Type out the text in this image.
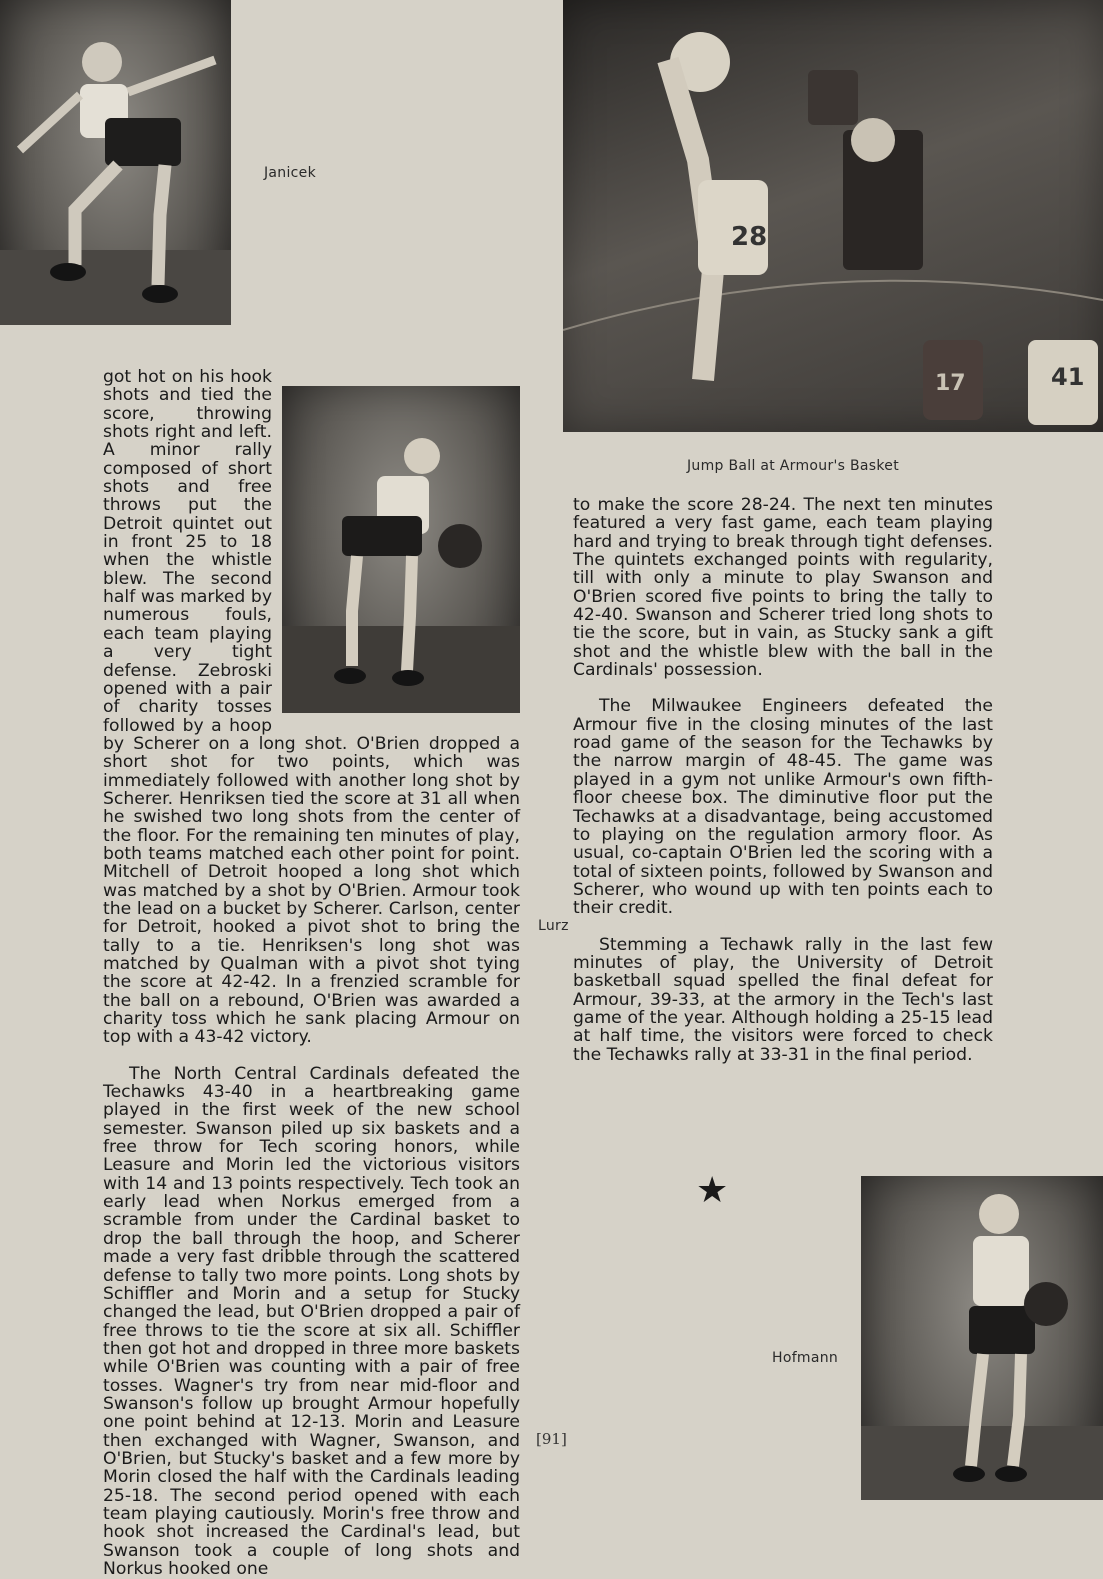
Janicek
28
17	41
Jump Ball at Armour's Basket

got hot on his hook shots and tied the score, throwing shots right and left. A minor rally composed of short shots and free throws put the Detroit quintet out in front 25 to 18 when the whistle blew. The second half was marked by numerous fouls, each team playing a very tight defense. Zebroski opened with a pair of charity tosses followed by a hoop by Scherer on a long shot. O'Brien dropped a short shot for two points, which was immediately followed with another long shot by Scherer. Henriksen tied the score at 31 all when he swished two long shots from the center of the floor. For the remaining ten minutes of play, both teams matched each other point for point. Mitchell of Detroit hooped a long shot which was matched by a shot by O'Brien. Armour took the lead on a bucket by Scherer. Carlson, center for Detroit, hooked a pivot shot to bring the tally to a tie. Henriksen's long shot was matched by Qualman with a pivot shot tying the score at 42-42. In a frenzied scramble for the ball on a rebound, O'Brien was awarded a charity toss which he sank placing Armour on top with a 43-42 victory.

The North Central Cardinals defeated the Techawks 43-40 in a heartbreaking game played in the first week of the new school semester. Swanson piled up six baskets and a free throw for Tech scoring honors, while Leasure and Morin led the victorious visitors with 14 and 13 points respectively. Tech took an early lead when Norkus emerged from a scramble from under the Cardinal basket to drop the ball through the hoop, and Scherer made a very fast dribble through the scattered defense to tally two more points. Long shots by Schiffler and Morin and a setup for Stucky changed the lead, but O'Brien dropped a pair of free throws to tie the score at six all. Schiffler then got hot and dropped in three more baskets while O'Brien was counting with a pair of free tosses. Wagner's try from near mid-floor and Swanson's follow up brought Armour hopefully one point behind at 12-13. Morin and Leasure then exchanged with Wagner, Swanson, and O'Brien, but Stucky's basket and a few more by Morin closed the half with the Cardinals leading 25-18. The second period opened with each team playing cautiously. Morin's free throw and hook shot increased the Cardinal's lead, but Swanson took a couple of long shots and Norkus hooked one

Lurz

to make the score 28-24. The next ten minutes featured a very fast game, each team playing hard and trying to break through tight defenses. The quintets exchanged points with regularity, till with only a minute to play Swanson and O'Brien scored five points to bring the tally to 42-40. Swanson and Scherer tried long shots to tie the score, but in vain, as Stucky sank a gift shot and the whistle blew with the ball in the Cardinals' possession.

The Milwaukee Engineers defeated the Armour five in the closing minutes of the last road game of the season for the Techawks by the narrow margin of 48-45. The game was played in a gym not unlike Armour's own fifth-floor cheese box. The diminutive floor put the Techawks at a disadvantage, being accustomed to playing on the regulation armory floor. As usual, co-captain O'Brien led the scoring with a total of sixteen points, followed by Swanson and Scherer, who wound up with ten points each to their credit.

Stemming a Techawk rally in the last few minutes of play, the University of Detroit basketball squad spelled the final defeat for Armour, 39-33, at the armory in the Tech's last game of the year. Although holding a 25-15 lead at half time, the visitors were forced to check the Techawks rally at 33-31 in the final period.

★
Hofmann
[91]
